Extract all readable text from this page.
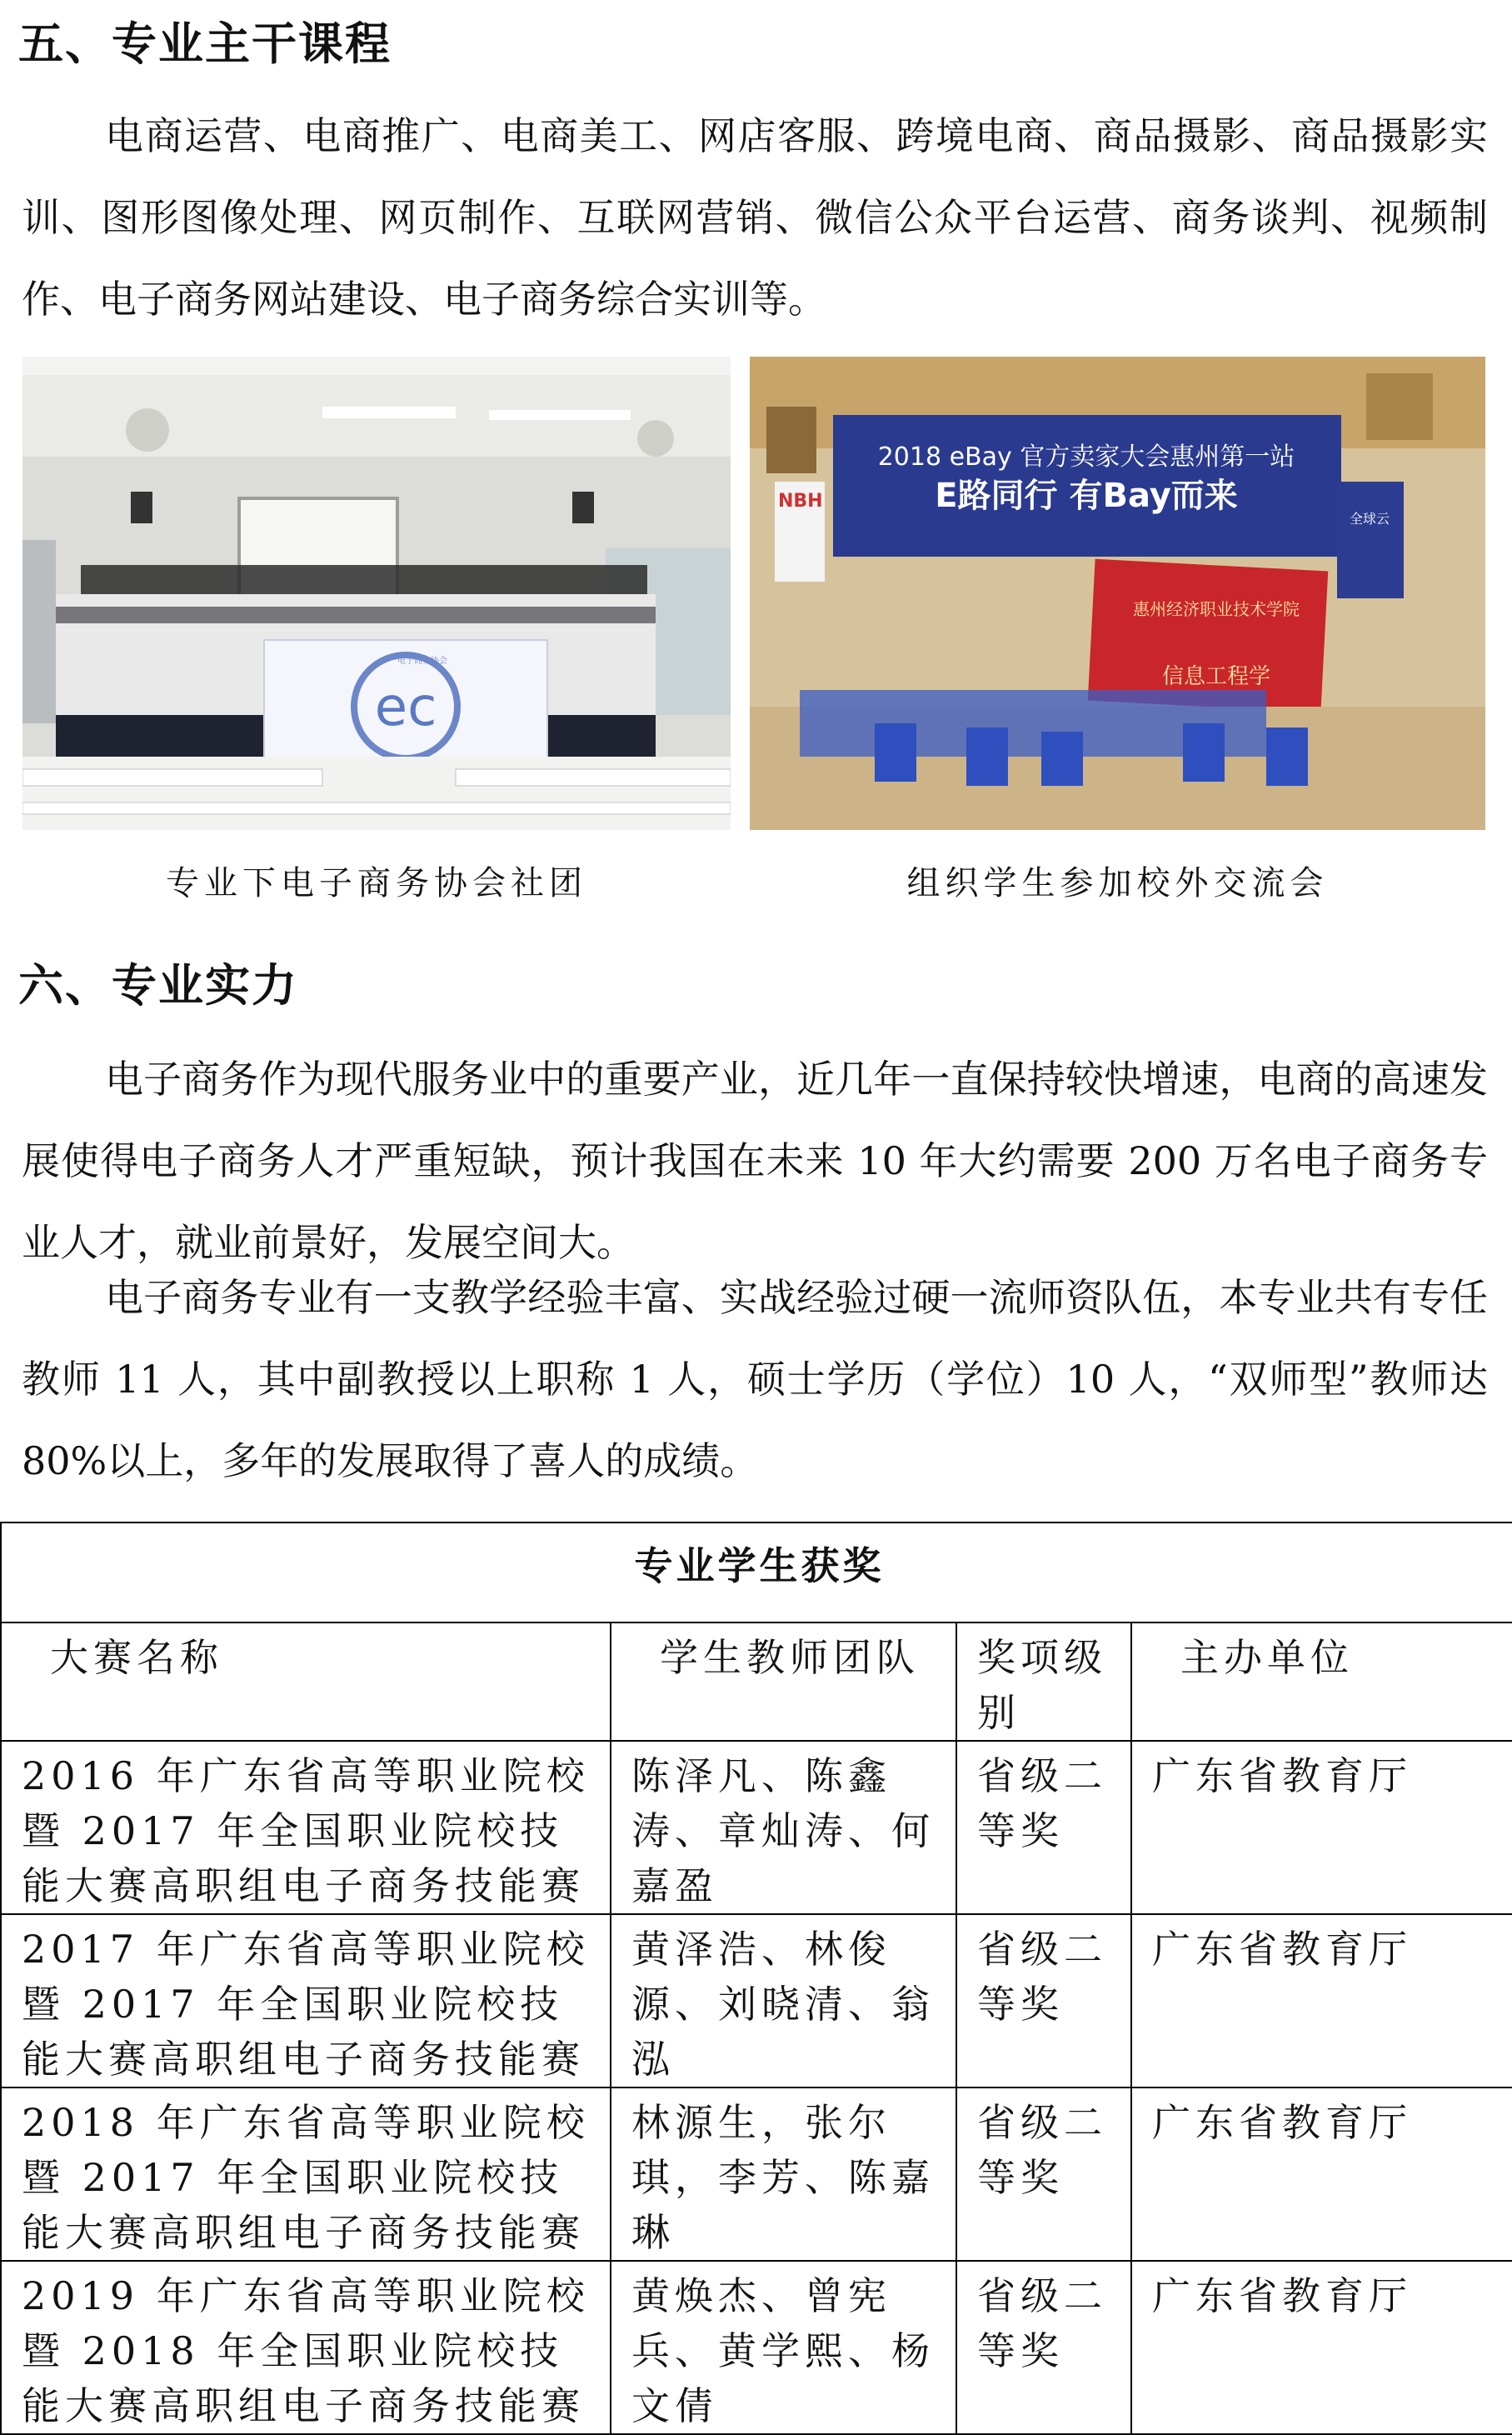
五、专业主干课程

电商运营、电商推广、电商美工、网店客服、跨境电商、商品摄影、商品摄影实训、图形图像处理、网页制作、互联网营销、微信公众平台运营、商务谈判、视频制作、电子商务网站建设、电子商务综合实训等。

ec
电子商务协会
NBH
2018 eBay 官方卖家大会惠州第一站
E路同行 有Bay而来
全球云
惠州经济职业技术学院
信息工程学
专业下电子商务协会社团	组织学生参加校外交流会
六、专业实力

电子商务作为现代服务业中的重要产业，近几年一直保持较快增速，电商的高速发展使得电子商务人才严重短缺，预计我国在未来 10 年大约需要 200 万名电子商务专业人才，就业前景好，发展空间大。

电子商务专业有一支教学经验丰富、实战经验过硬一流师资队伍，本专业共有专任教师 11 人，其中副教授以上职称 1 人，硕士学历（学位）10 人，“双师型”教师达 80%以上，多年的发展取得了喜人的成绩。

专业学生获奖			
大赛名称	学生教师团队	奖项级别	主办单位
2016 年广东省高等职业院校暨 2017 年全国职业院校技能大赛高职组电子商务技能赛	陈泽凡、陈鑫涛、章灿涛、何嘉盈	省级二等奖	广东省教育厅
2017 年广东省高等职业院校暨 2017 年全国职业院校技能大赛高职组电子商务技能赛	黄泽浩、林俊源、刘晓清、翁泓	省级二等奖	广东省教育厅
2018 年广东省高等职业院校暨 2017 年全国职业院校技能大赛高职组电子商务技能赛	林源生，张尔琪，李芳、陈嘉琳	省级二等奖	广东省教育厅
2019 年广东省高等职业院校暨 2018 年全国职业院校技能大赛高职组电子商务技能赛	黄焕杰、曾宪兵、黄学熙、杨文倩	省级二等奖	广东省教育厅
